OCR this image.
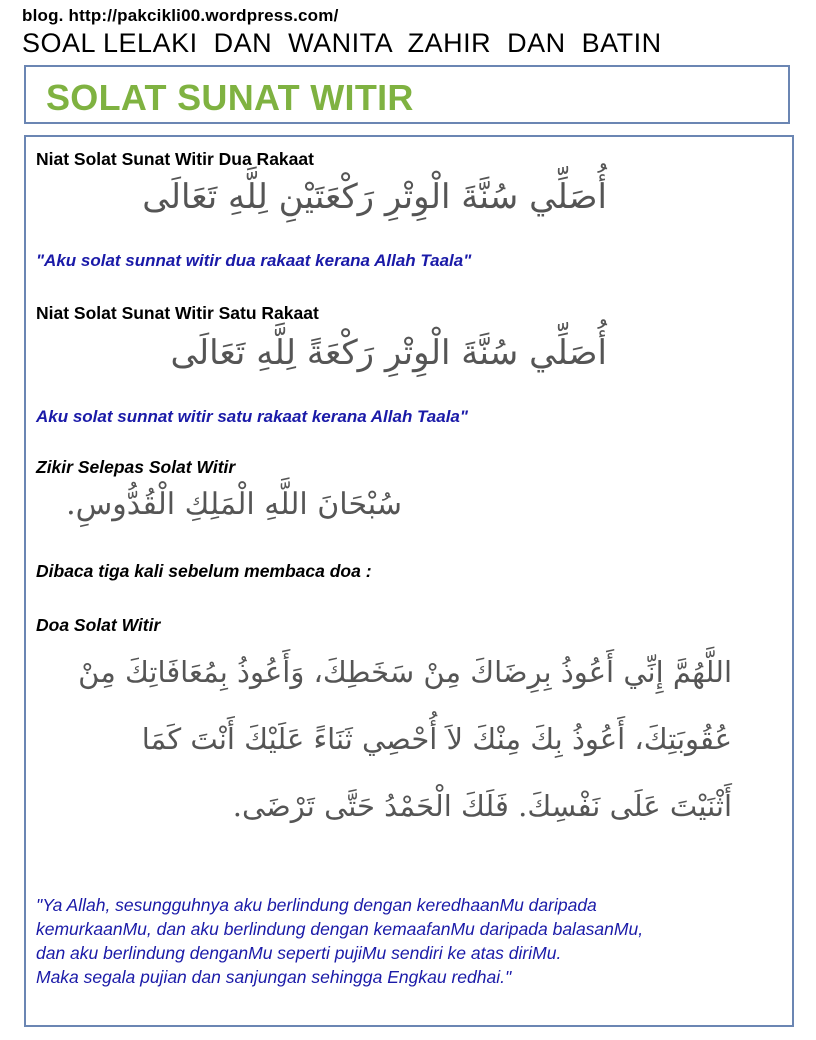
blog. http://pakcikli00.wordpress.com/
SOAL LELAKI  DAN  WANITA  ZAHIR  DAN  BATIN
SOLAT SUNAT WITIR
Niat Solat Sunat Witir Dua Rakaat
أُصَلِّي سُنَّةَ الْوِتْرِ رَكْعَتَيْنِ لِلَّهِ تَعَالَى
"Aku solat sunnat witir dua rakaat kerana Allah Taala"
Niat Solat Sunat Witir Satu Rakaat
أُصَلِّي سُنَّةَ الْوِتْرِ رَكْعَةً لِلَّهِ تَعَالَى
Aku solat sunnat witir satu rakaat kerana Allah Taala"
Zikir Selepas Solat Witir
سُبْحَانَ اللَّهِ الْمَلِكِ الْقُدُّوسِ.
Dibaca tiga kali sebelum membaca doa :
Doa Solat Witir
اللَّهُمَّ إِنِّي أَعُوذُ بِرِضَاكَ مِنْ سَخَطِكَ، وَأَعُوذُ بِمُعَافَاتِكَ مِنْ
عُقُوبَتِكَ، أَعُوذُ بِكَ مِنْكَ لاَ أُحْصِي ثَنَاءً عَلَيْكَ أَنْتَ كَمَا
أَثْنَيْتَ عَلَى نَفْسِكَ. فَلَكَ الْحَمْدُ حَتَّى تَرْضَى.
"Ya Allah, sesungguhnya aku berlindung dengan keredhaanMu daripada
kemurkaanMu, dan aku berlindung dengan kemaafanMu daripada balasanMu,
dan aku berlindung denganMu seperti pujiMu sendiri ke atas diriMu.
Maka segala pujian dan sanjungan sehingga Engkau redhai."
